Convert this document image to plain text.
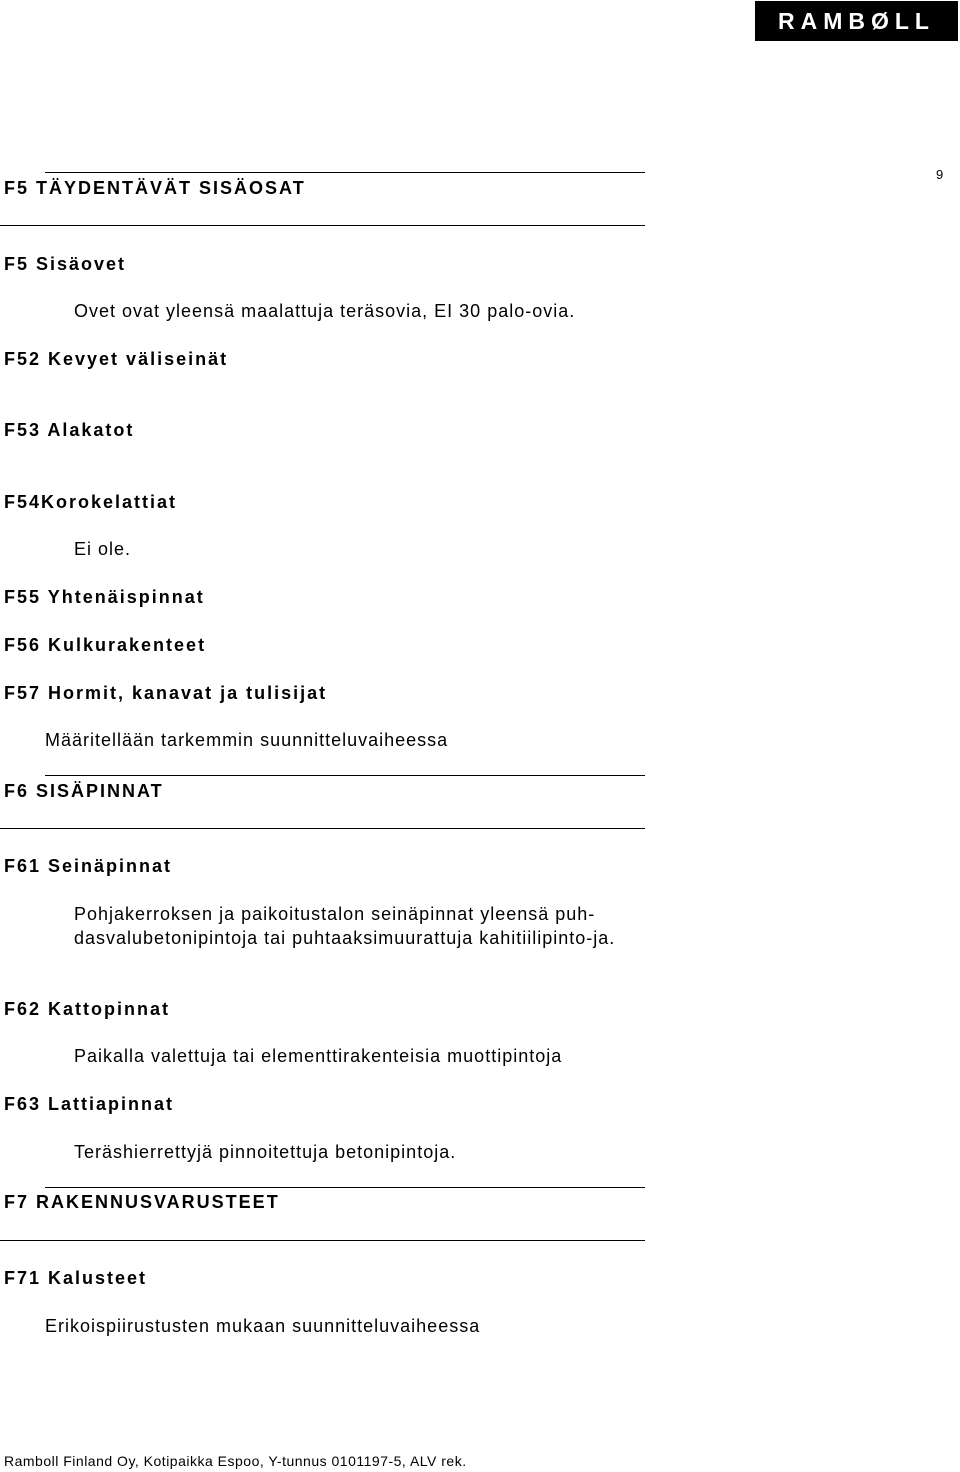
RAMBØLL
9
F5 TÄYDENTÄVÄT SISÄOSAT
F5 Sisäovet
Ovet ovat yleensä maalattuja teräsovia, EI 30 palo-ovia.
F52 Kevyet väliseinät
F53 Alakatot
F54Korokelattiat
Ei ole.
F55 Yhtenäispinnat
F56 Kulkurakenteet
F57 Hormit, kanavat ja tulisijat
Määritellään tarkemmin suunnitteluvaiheessa
F6 SISÄPINNAT
F61 Seinäpinnat
Pohjakerroksen ja paikoitustalon seinäpinnat yleensä puh-dasvalubetonipintoja tai puhtaaksimuurattuja kahitiilipinto-ja.
F62 Kattopinnat
Paikalla valettuja tai elementtirakenteisia muottipintoja
F63 Lattiapinnat
Teräshierrettyjä pinnoitettuja betonipintoja.
F7 RAKENNUSVARUSTEET
F71 Kalusteet
Erikoispiirustusten mukaan suunnitteluvaiheessa
Ramboll Finland Oy, Kotipaikka Espoo, Y-tunnus 0101197-5, ALV rek.
